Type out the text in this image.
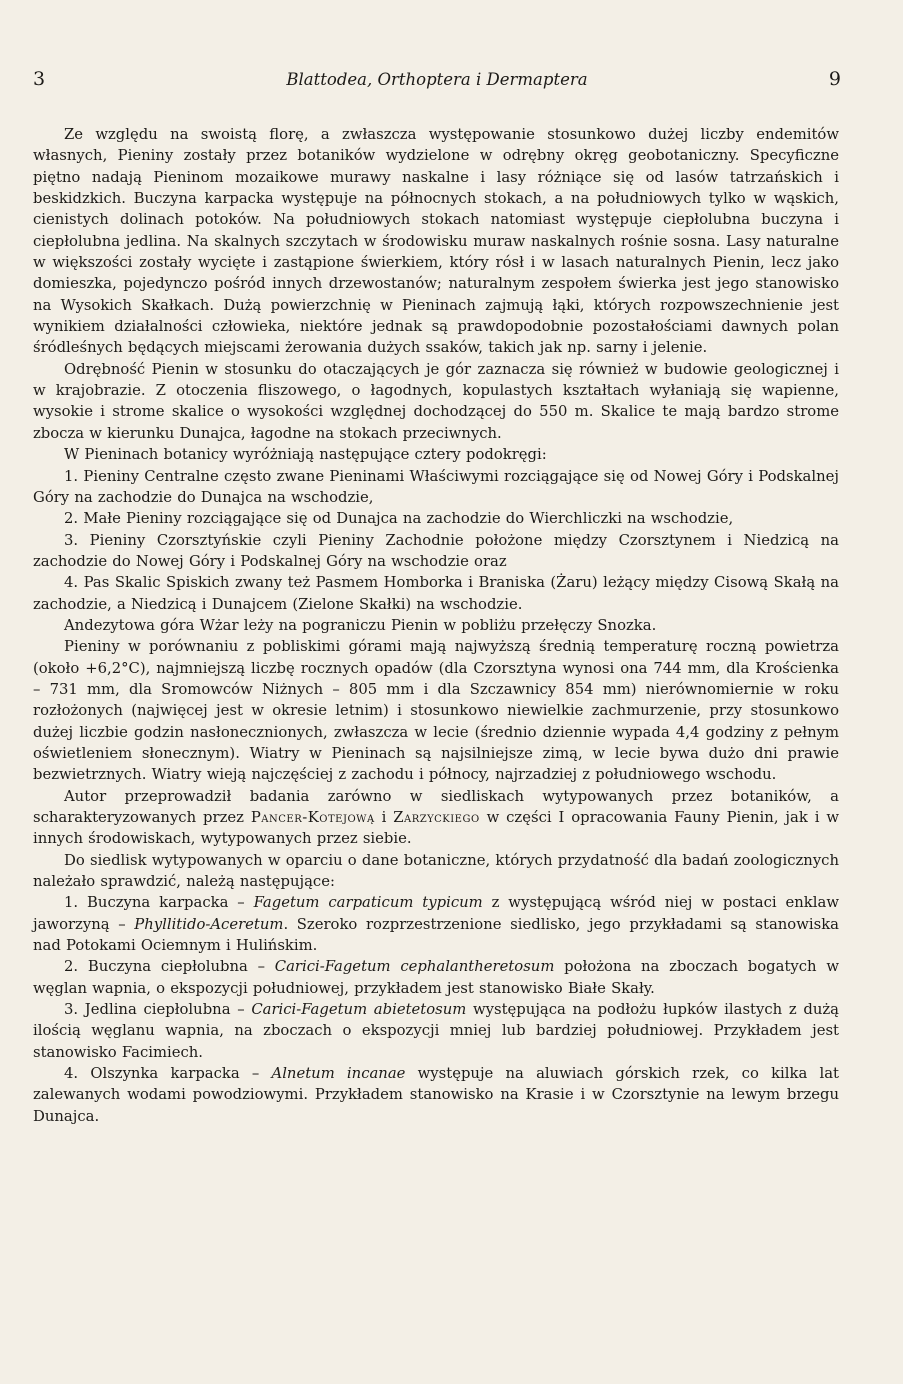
3	Blattodea, Orthoptera i Dermaptera	9

Ze względu na swoistą florę, a zwłaszcza występowanie stosunkowo dużej liczby endemitów własnych, Pieniny zostały przez botaników wydzielone w odrębny okręg geobotaniczny. Specyficzne piętno nadają Pieninom mozaikowe murawy naskalne i lasy różniące się od lasów tatrzańskich i beskidzkich. Buczyna karpacka występuje na północnych stokach, a na południowych tylko w wąskich, cienistych dolinach potoków. Na południowych stokach natomiast występuje ciepłolubna buczyna i ciepłolubna jedlina. Na skalnych szczytach w środowisku muraw naskalnych rośnie sosna. Lasy naturalne w większości zostały wycięte i zastąpione świerkiem, który rósł i w lasach naturalnych Pienin, lecz jako domieszka, pojedynczo pośród innych drzewostanów; naturalnym zespołem świerka jest jego stanowisko na Wysokich Skałkach. Dużą powierzchnię w Pieninach zajmują łąki, których rozpowszechnienie jest wynikiem działalności człowieka, niektóre jednak są prawdopodobnie pozostałościami dawnych polan śródleśnych będących miejscami żerowania dużych ssaków, takich jak np. sarny i jelenie.

Odrębność Pienin w stosunku do otaczających je gór zaznacza się również w budowie geologicznej i w krajobrazie. Z otoczenia fliszowego, o łagodnych, kopulastych kształtach wyłaniają się wapienne, wysokie i strome skalice o wysokości względnej dochodzącej do 550 m. Skalice te mają bardzo strome zbocza w kierunku Dunajca, łagodne na stokach przeciwnych.

W Pieninach botanicy wyróżniają następujące cztery podokręgi:

1. Pieniny Centralne często zwane Pieninami Właściwymi rozciągające się od Nowej Góry i Podskalnej Góry na zachodzie do Dunajca na wschodzie,

2. Małe Pieniny rozciągające się od Dunajca na zachodzie do Wierchliczki na wschodzie,

3. Pieniny Czorsztyńskie czyli Pieniny Zachodnie położone między Czorsztynem i Niedzicą na zachodzie do Nowej Góry i Podskalnej Góry na wschodzie oraz

4. Pas Skalic Spiskich zwany też Pasmem Homborka i Braniska (Żaru) leżący między Cisową Skałą na zachodzie, a Niedzicą i Dunajcem (Zielone Skałki) na wschodzie.

Andezytowa góra Wżar leży na pograniczu Pienin w pobliżu przełęczy Snozka.

Pieniny w porównaniu z pobliskimi górami mają najwyższą średnią temperaturę roczną powietrza (około +6,2°C), najmniejszą liczbę rocznych opadów (dla Czorsztyna wynosi ona 744 mm, dla Krościenka – 731 mm, dla Sromowców Niżnych – 805 mm i dla Szczawnicy 854 mm) nierównomiernie w roku rozłożonych (najwięcej jest w okresie letnim) i stosunkowo niewielkie zachmurzenie, przy stosunkowo dużej liczbie godzin nasłonecznionych, zwłaszcza w lecie (średnio dziennie wypada 4,4 godziny z pełnym oświetleniem słonecznym). Wiatry w Pieninach są najsilniejsze zimą, w lecie bywa dużo dni prawie bezwietrznych. Wiatry wieją najczęściej z zachodu i północy, najrzadziej z południowego wschodu.

Autor przeprowadził badania zarówno w siedliskach wytypowanych przez botaników, a scharakteryzowanych przez Pancer-Kotejową i Zarzyckiego w części I opracowania Fauny Pienin, jak i w innych środowiskach, wytypowanych przez siebie.

Do siedlisk wytypowanych w oparciu o dane botaniczne, których przydatność dla badań zoologicznych należało sprawdzić, należą następujące:

1. Buczyna karpacka – Fagetum carpaticum typicum z występującą wśród niej w postaci enklaw jaworzyną – Phyllitido-Aceretum. Szeroko rozprzestrzenione siedlisko, jego przykładami są stanowiska nad Potokami Ociemnym i Hulińskim.

2. Buczyna ciepłolubna – Carici-Fagetum cephalantheretosum położona na zboczach bogatych w węglan wapnia, o ekspozycji południowej, przykładem jest stanowisko Białe Skały.

3. Jedlina ciepłolubna – Carici-Fagetum abietetosum występująca na podłożu łupków ilastych z dużą ilością węglanu wapnia, na zboczach o ekspozycji mniej lub bardziej południowej. Przykładem jest stanowisko Facimiech.

4. Olszynka karpacka – Alnetum incanae występuje na aluwiach górskich rzek, co kilka lat zalewanych wodami powodziowymi. Przykładem stanowisko na Krasie i w Czorsztynie na lewym brzegu Dunajca.
